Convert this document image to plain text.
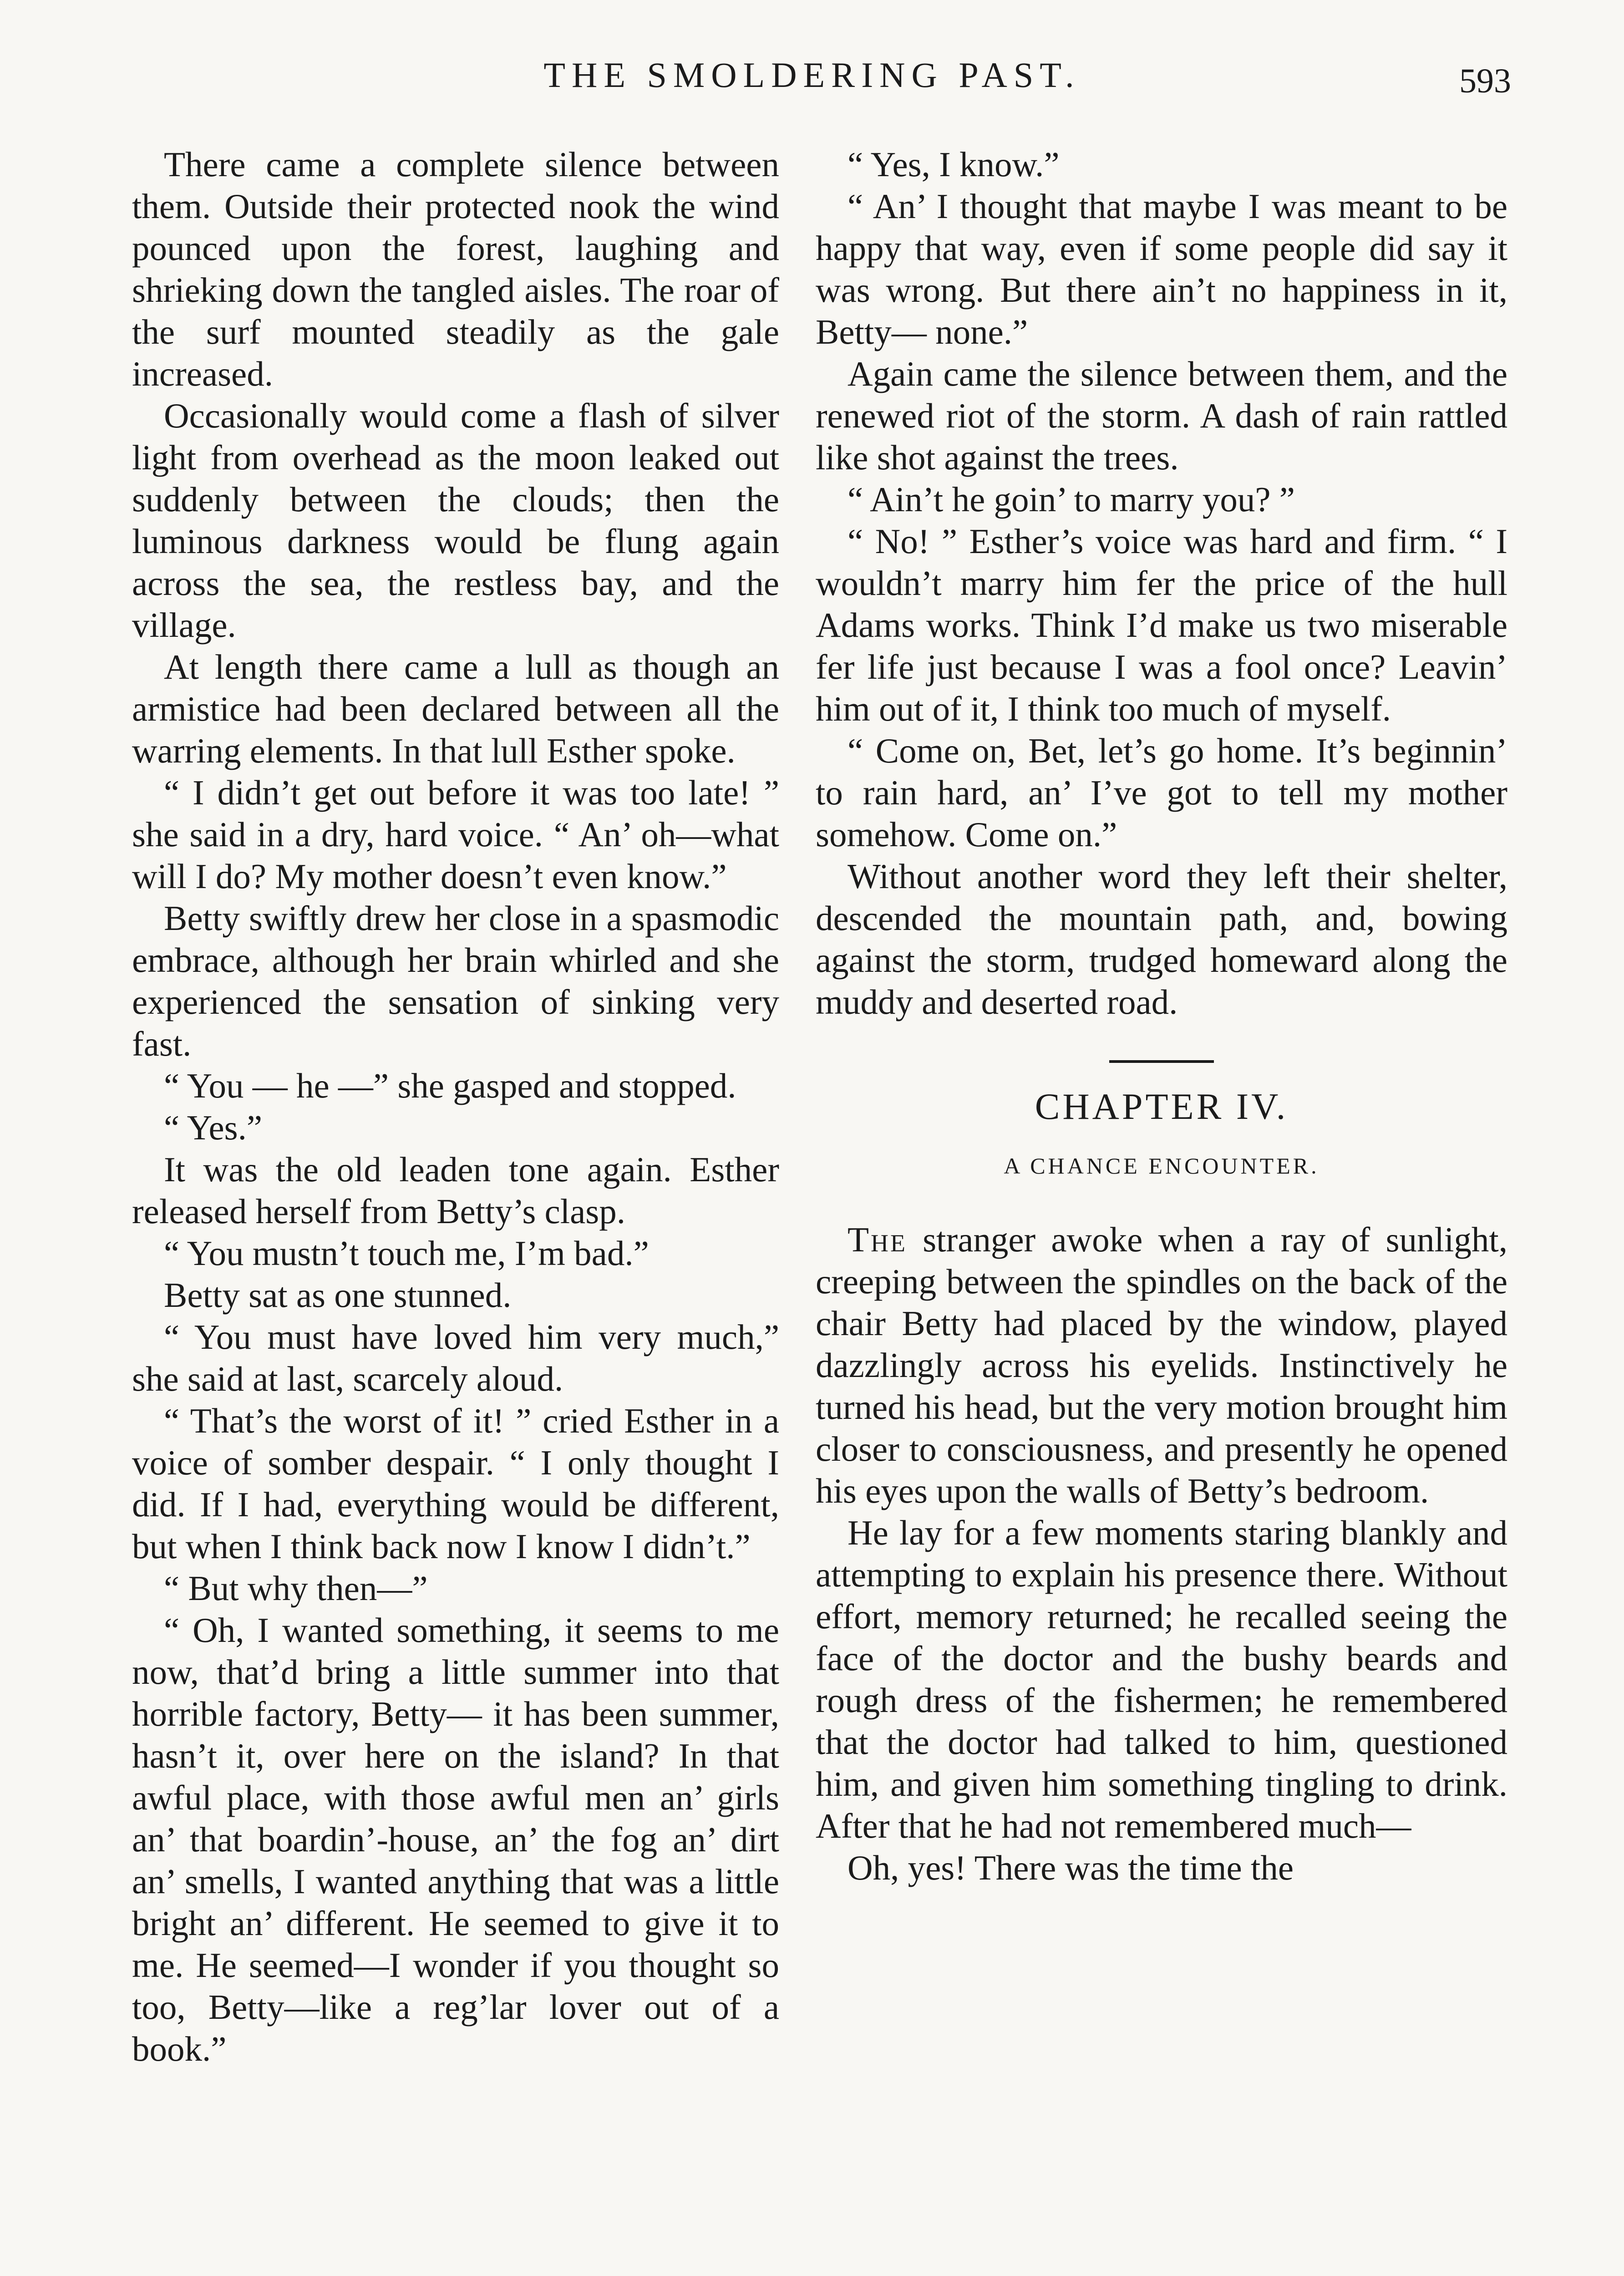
THE SMOLDERING PAST.	593

There came a complete silence between them. Outside their protected nook the wind pounced upon the forest, laughing and shrieking down the tangled aisles. The roar of the surf mounted steadily as the gale increased.

Occasionally would come a flash of silver light from overhead as the moon leaked out suddenly between the clouds; then the luminous darkness would be flung again across the sea, the restless bay, and the village.

At length there came a lull as though an armistice had been declared between all the warring elements. In that lull Esther spoke.

“ I didn’t get out before it was too late! ” she said in a dry, hard voice. “ An’ oh—what will I do? My mother doesn’t even know.”

Betty swiftly drew her close in a spasmodic embrace, although her brain whirled and she experienced the sensation of sinking very fast.

“ You — he —” she gasped and stopped.

“ Yes.”

It was the old leaden tone again. Esther released herself from Betty’s clasp.

“ You mustn’t touch me, I’m bad.”

Betty sat as one stunned.

“ You must have loved him very much,” she said at last, scarcely aloud.

“ That’s the worst of it! ” cried Esther in a voice of somber despair. “ I only thought I did. If I had, everything would be different, but when I think back now I know I didn’t.”

“ But why then—”

“ Oh, I wanted something, it seems to me now, that’d bring a little summer into that horrible factory, Betty— it has been summer, hasn’t it, over here on the island? In that awful place, with those awful men an’ girls an’ that boardin’-house, an’ the fog an’ dirt an’ smells, I wanted anything that was a little bright an’ different. He seemed to give it to me. He seemed—I wonder if you thought so too, Betty—like a reg’lar lover out of a book.”

“ Yes, I know.”

“ An’ I thought that maybe I was meant to be happy that way, even if some people did say it was wrong. But there ain’t no happiness in it, Betty— none.”

Again came the silence between them, and the renewed riot of the storm. A dash of rain rattled like shot against the trees.

“ Ain’t he goin’ to marry you? ”

“ No! ” Esther’s voice was hard and firm. “ I wouldn’t marry him fer the price of the hull Adams works. Think I’d make us two miserable fer life just because I was a fool once? Leavin’ him out of it, I think too much of myself.

“ Come on, Bet, let’s go home. It’s beginnin’ to rain hard, an’ I’ve got to tell my mother somehow. Come on.”

Without another word they left their shelter, descended the mountain path, and, bowing against the storm, trudged homeward along the muddy and deserted road.

CHAPTER IV.
A CHANCE ENCOUNTER.

The stranger awoke when a ray of sunlight, creeping between the spindles on the back of the chair Betty had placed by the window, played dazzlingly across his eyelids. Instinctively he turned his head, but the very motion brought him closer to consciousness, and presently he opened his eyes upon the walls of Betty’s bedroom.

He lay for a few moments staring blankly and attempting to explain his presence there. Without effort, memory returned; he recalled seeing the face of the doctor and the bushy beards and rough dress of the fishermen; he remembered that the doctor had talked to him, questioned him, and given him something tingling to drink. After that he had not remembered much—

Oh, yes! There was the time the
